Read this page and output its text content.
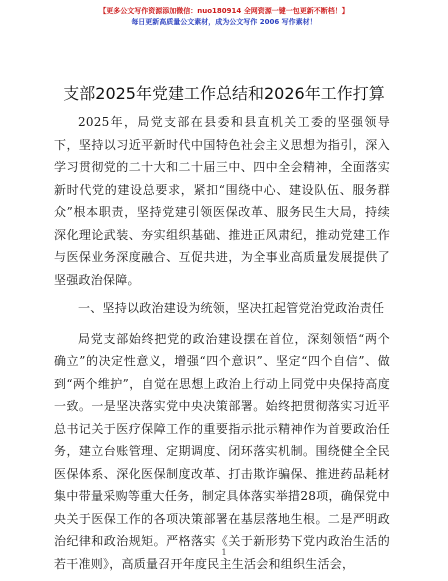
【更多公文写作资源添加微信：nuo180914 全网资源一键一包更新不断档！】
每日更新高质量公文素材，成为公文写作 2006 写作素材！
支部2025年党建工作总结和2026年工作打算

2025年，局党支部在县委和县直机关工委的坚强领导下，坚持以习近平新时代中国特色社会主义思想为指引，深入学习贯彻党的二十大和二十届三中、四中全会精神，全面落实新时代党的建设总要求，紧扣“围绕中心、建设队伍、服务群众”根本职责，坚持党建引领医保改革、服务民生大局，持续深化理论武装、夯实组织基础、推进正风肃纪，推动党建工作与医保业务深度融合、互促共进，为全事业高质量发展提供了坚强政治保障。

一、坚持以政治建设为统领，坚决扛起管党治党政治责任

局党支部始终把党的政治建设摆在首位，深刻领悟“两个确立”的决定性意义，增强“四个意识”、坚定“四个自信”、做到“两个维护”，自觉在思想上政治上行动上同党中央保持高度一致。一是坚决落实党中央决策部署。始终把贯彻落实习近平总书记关于医疗保障工作的重要指示批示精神作为首要政治任务，建立台账管理、定期调度、闭环落实机制。围绕健全全民医保体系、深化医保制度改革、打击欺诈骗保、推进药品耗材集中带量采购等重大任务，制定具体落实举措28项，确保党中央关于医保工作的各项决策部署在基层落地生根。二是严明政治纪律和政治规矩。严格落实《关于新形势下党内政治生活的若干准则》，高质量召开年度民主生活会和组织生活会，

1
